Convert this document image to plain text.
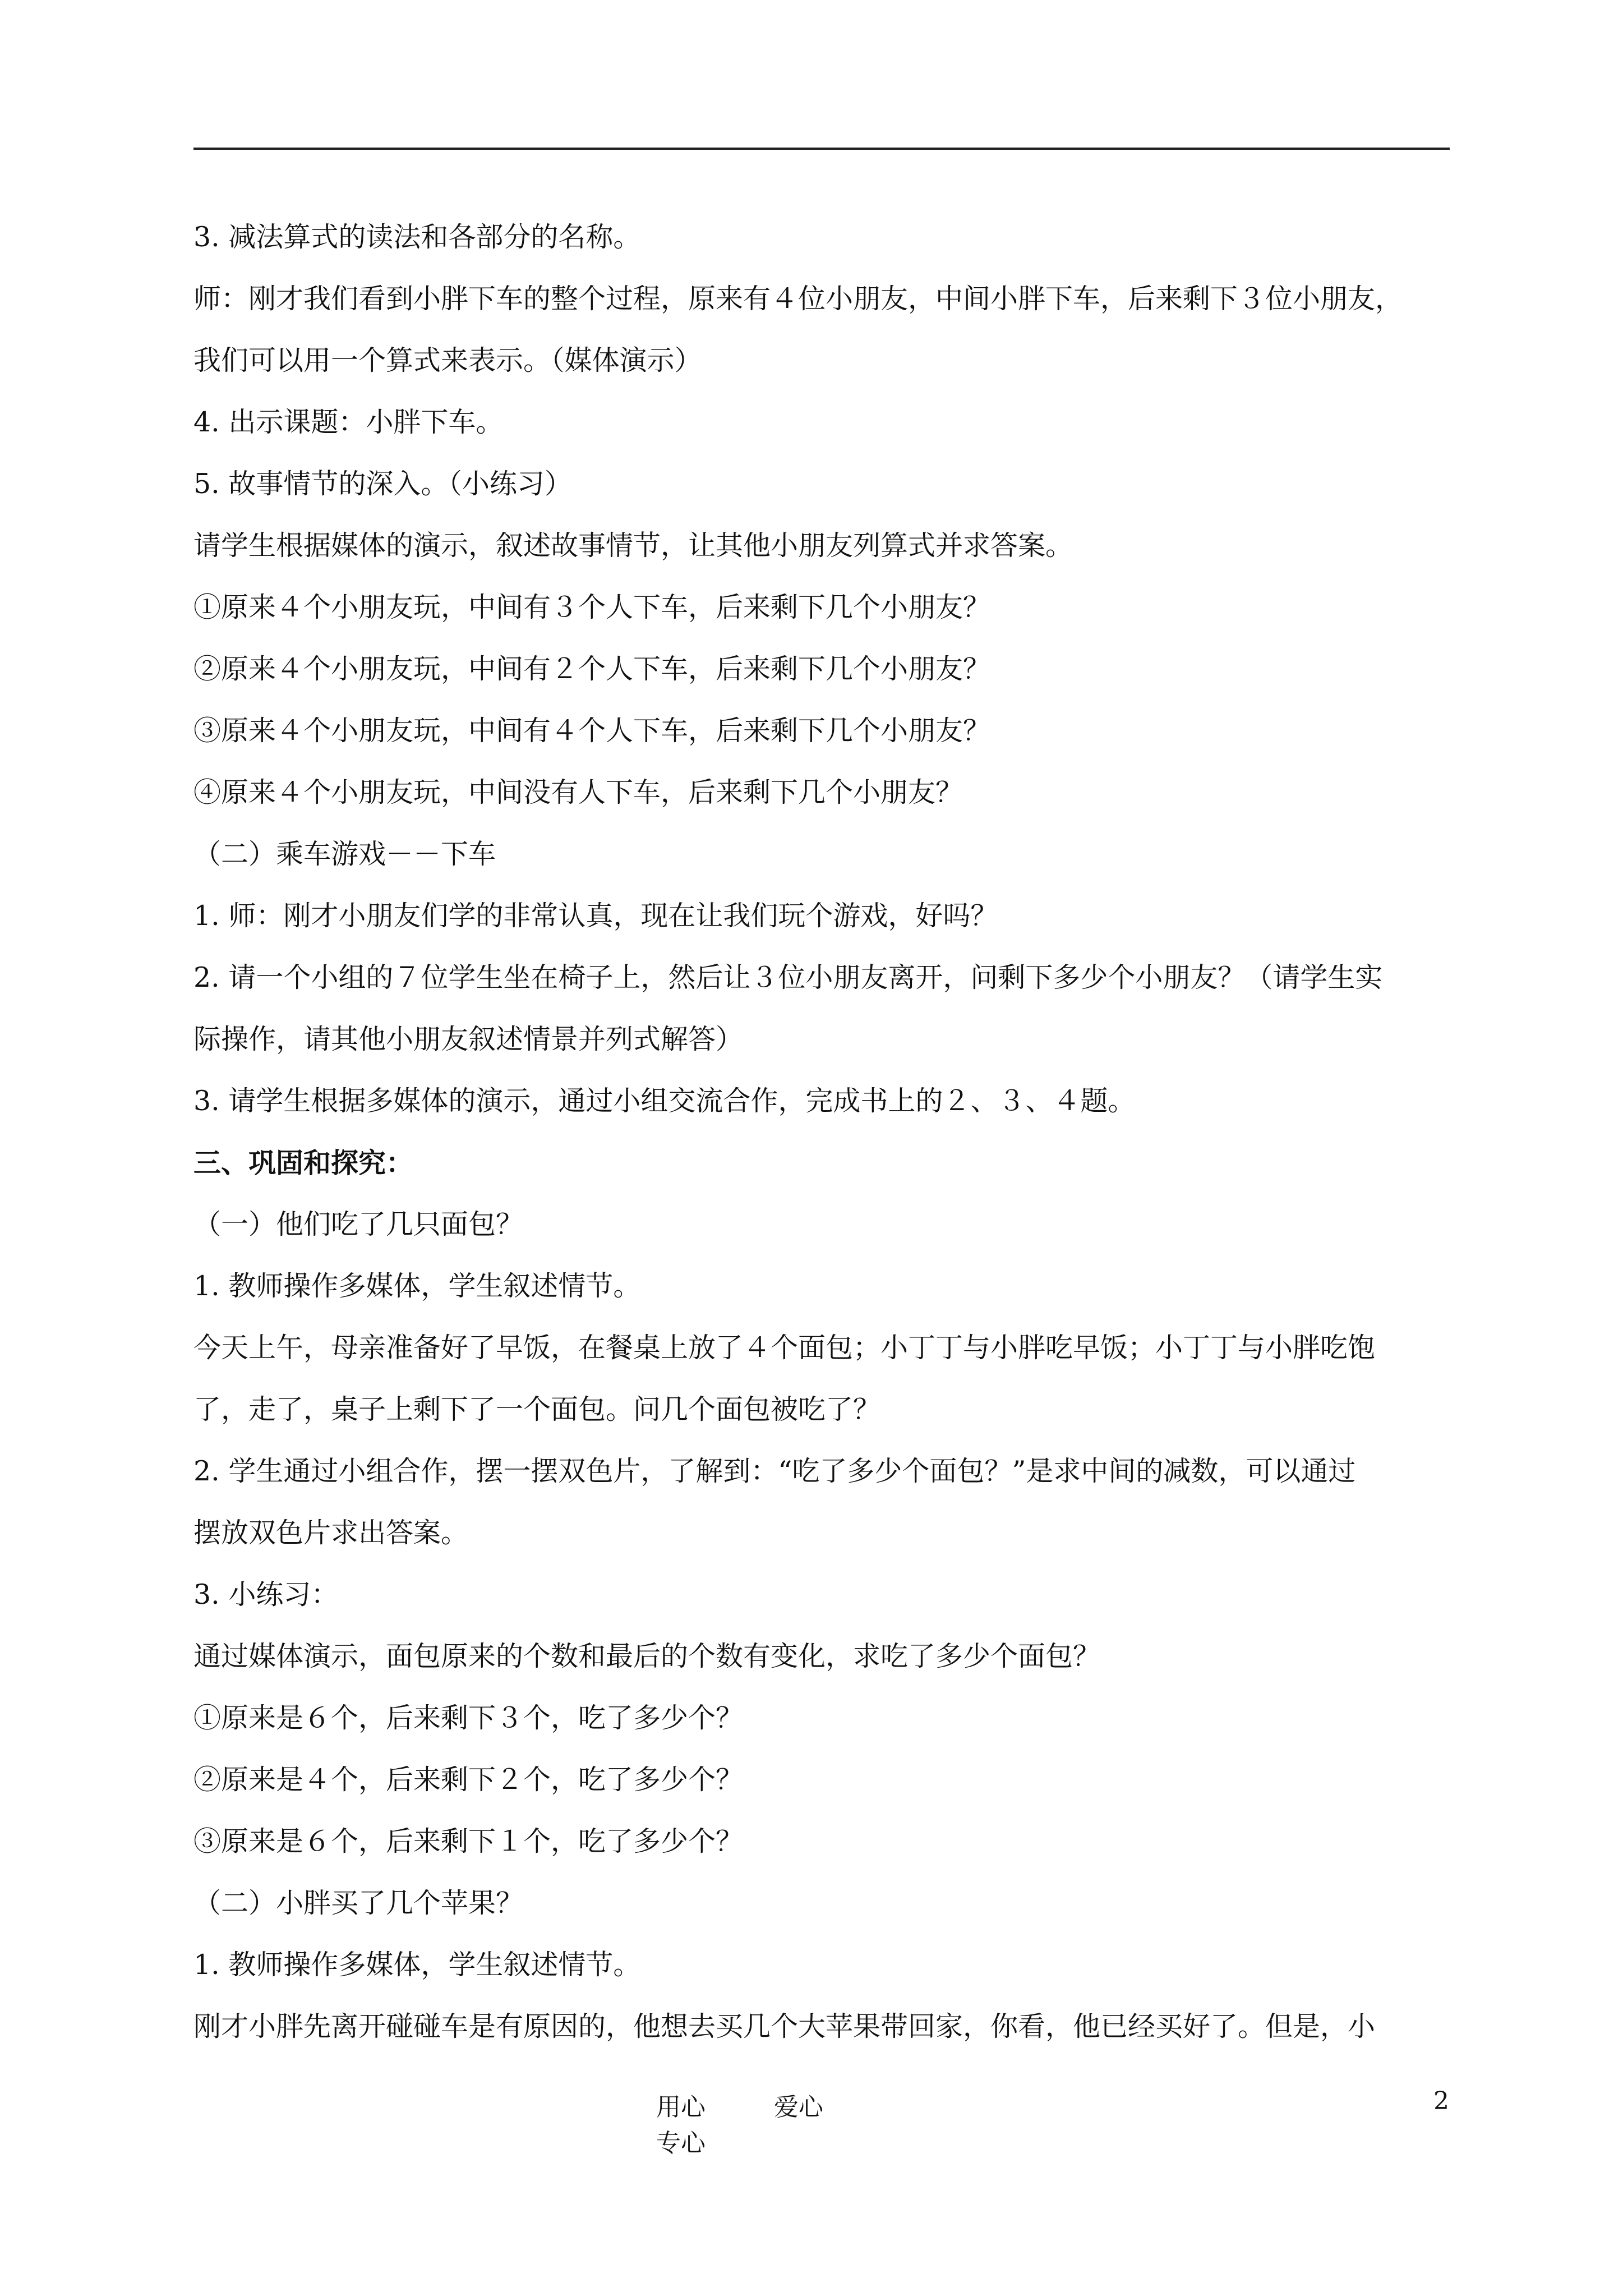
3. 减法算式的读法和各部分的名称。

师：刚才我们看到小胖下车的整个过程，原来有４位小朋友，中间小胖下车，后来剩下３位小朋友，

我们可以用一个算式来表示。（媒体演示）

4. 出示课题：小胖下车。

5. 故事情节的深入。（小练习）

请学生根据媒体的演示，叙述故事情节，让其他小朋友列算式并求答案。

①原来４个小朋友玩，中间有３个人下车，后来剩下几个小朋友？

②原来４个小朋友玩，中间有２个人下车，后来剩下几个小朋友？

③原来４个小朋友玩，中间有４个人下车，后来剩下几个小朋友？

④原来４个小朋友玩，中间没有人下车，后来剩下几个小朋友？

（二）乘车游戏－－下车

1. 师：刚才小朋友们学的非常认真，现在让我们玩个游戏，好吗？

2. 请一个小组的７位学生坐在椅子上，然后让３位小朋友离开，问剩下多少个小朋友？（请学生实

际操作，请其他小朋友叙述情景并列式解答）

3. 请学生根据多媒体的演示，通过小组交流合作，完成书上的２、３、４题。

三、巩固和探究：

（一）他们吃了几只面包？

1. 教师操作多媒体，学生叙述情节。

今天上午，母亲准备好了早饭，在餐桌上放了４个面包；小丁丁与小胖吃早饭；小丁丁与小胖吃饱

了，走了，桌子上剩下了一个面包。问几个面包被吃了？

2. 学生通过小组合作，摆一摆双色片，了解到：“吃了多少个面包？”是求中间的减数，可以通过

摆放双色片求出答案。

3. 小练习：

通过媒体演示，面包原来的个数和最后的个数有变化，求吃了多少个面包？

①原来是６个，后来剩下３个，吃了多少个？

②原来是４个，后来剩下２个，吃了多少个？

③原来是６个，后来剩下１个，吃了多少个？

（二）小胖买了几个苹果？

1. 教师操作多媒体，学生叙述情节。

刚才小胖先离开碰碰车是有原因的，他想去买几个大苹果带回家，你看，他已经买好了。但是，小

用心	爱心专心
2
